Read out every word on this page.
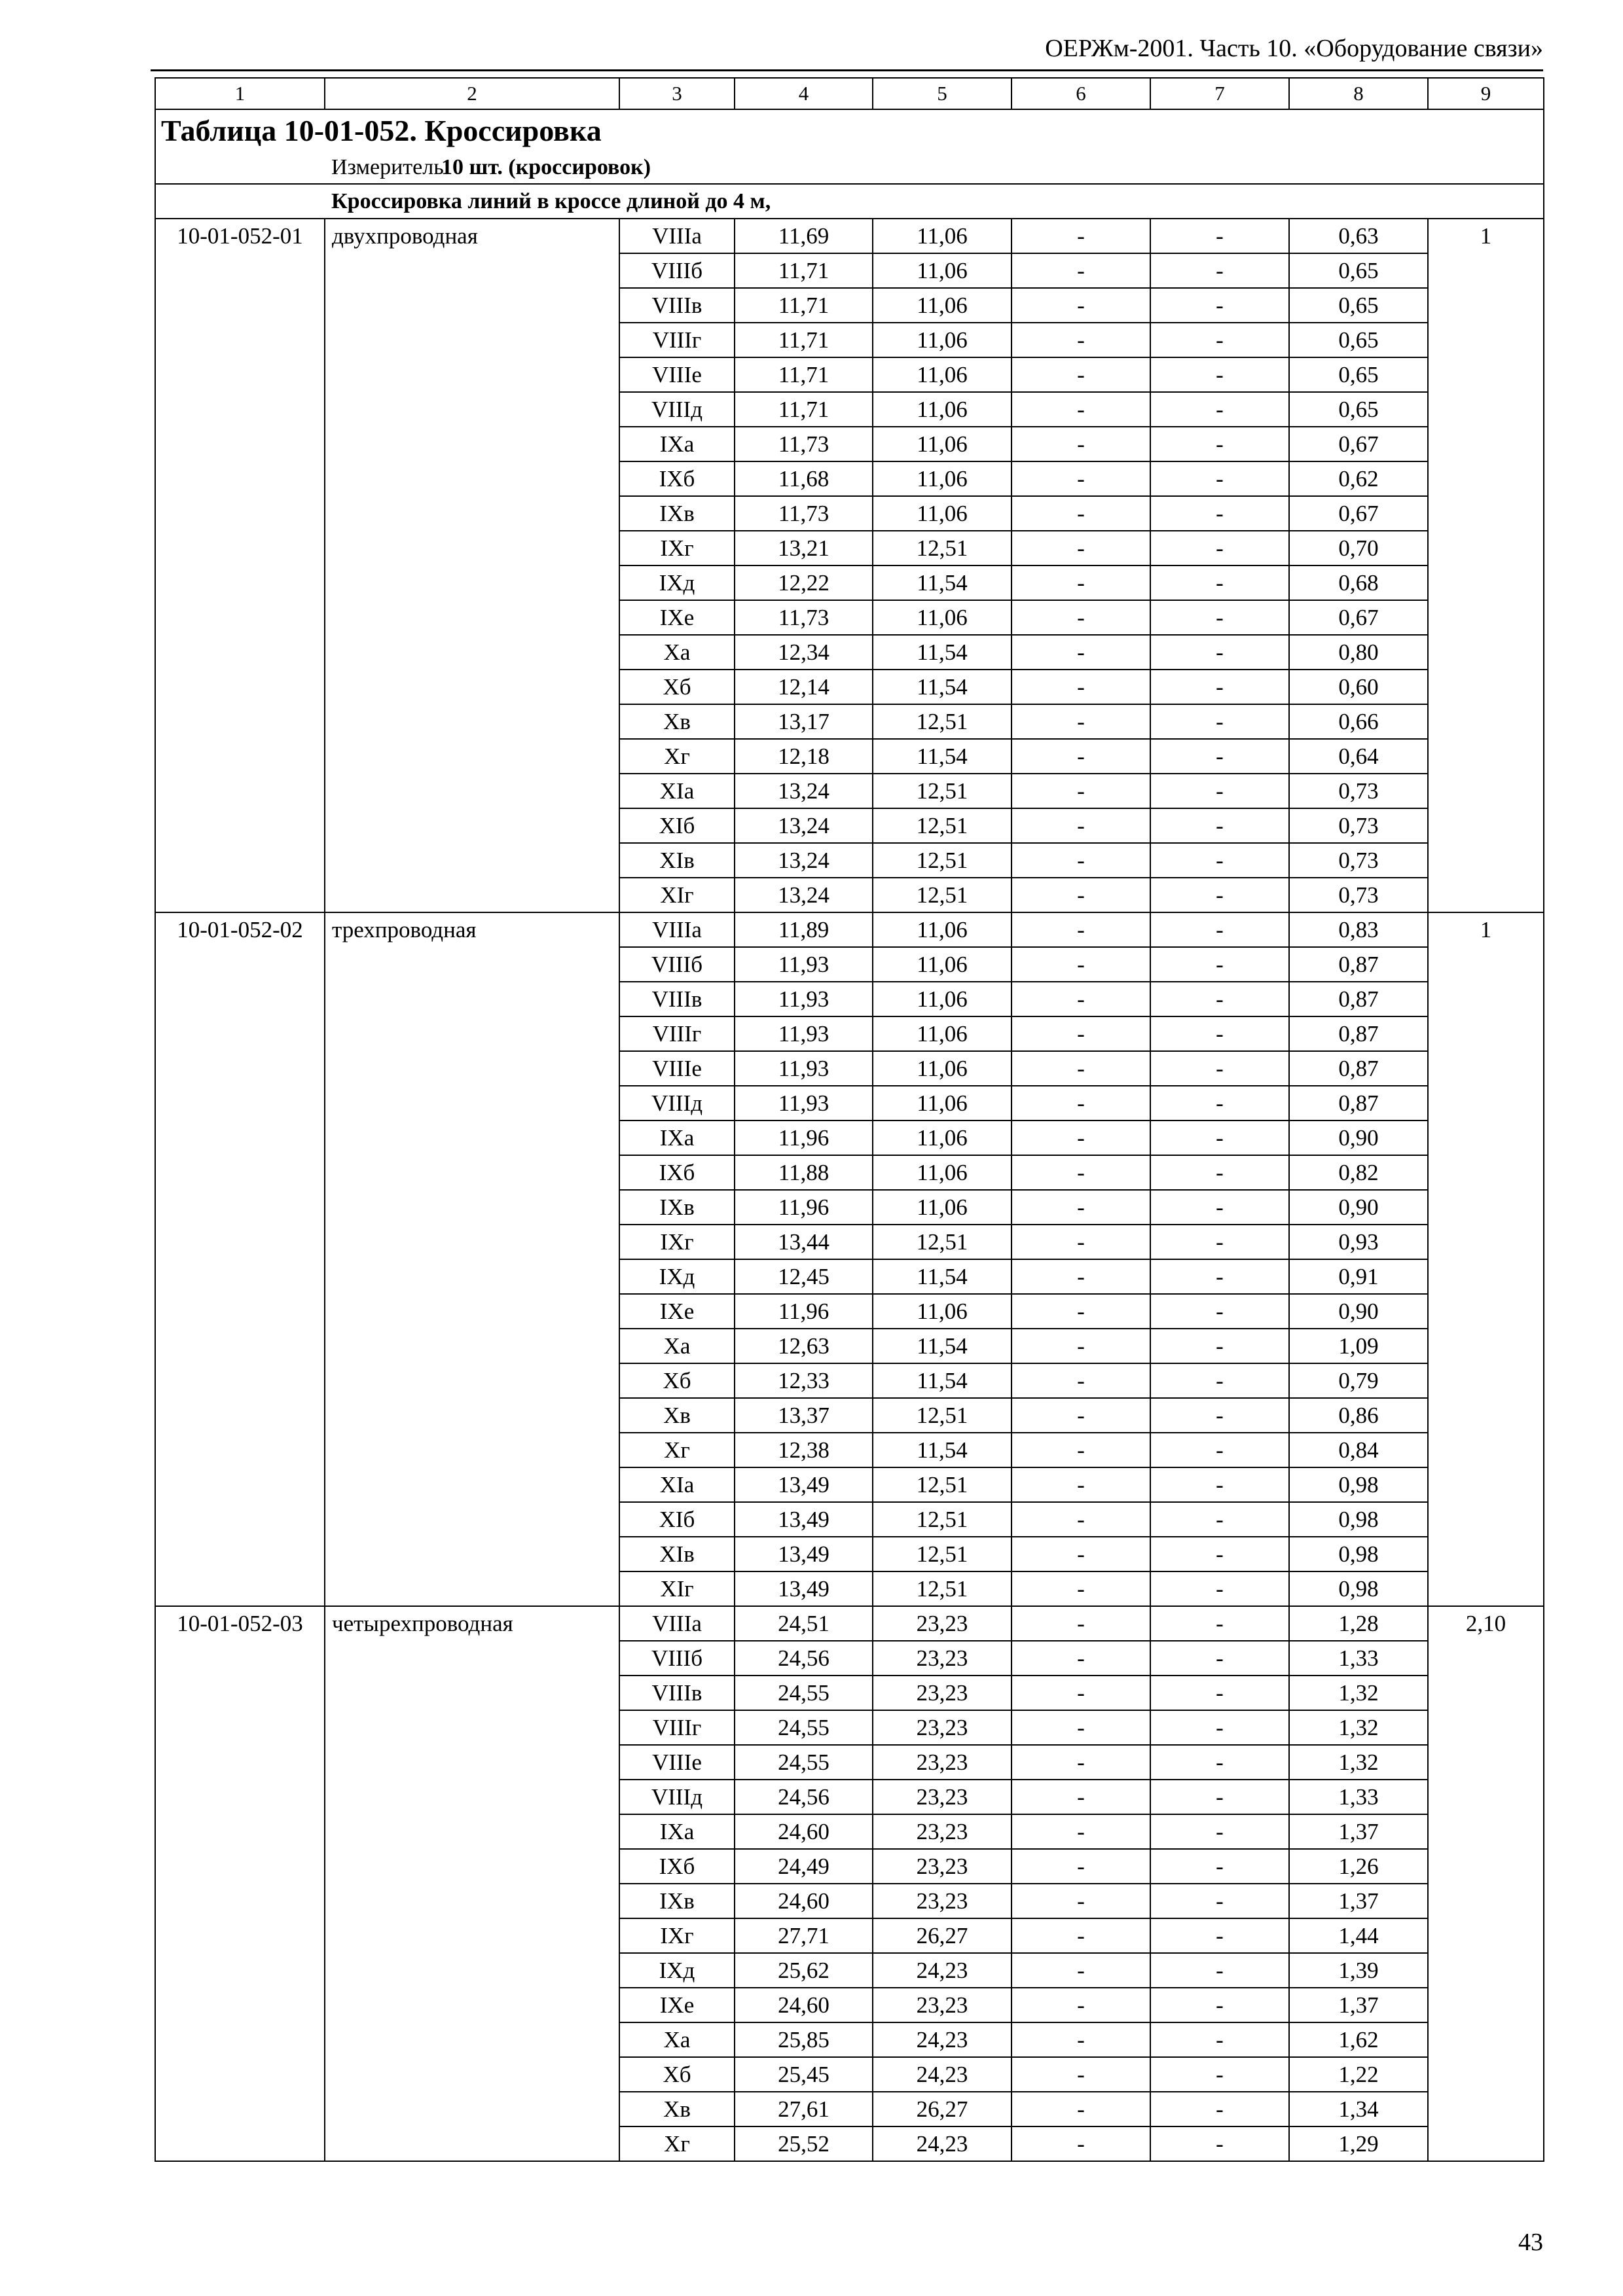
ОЕРЖм-2001. Часть 10. «Оборудование связи»
1	2	3	4	5	6	7	8	9
Таблица 10-01-052. Кроссировка								
Измеритель:10 шт. (кроссировок)								
Кроссировка линий в кроссе длиной до 4 м,								
10-01-052-01	двухпроводная	VIIIа	11,69	11,06	-	-	0,63	1
		VIIIб	11,71	11,06	-	-	0,65	
		VIIIв	11,71	11,06	-	-	0,65	
		VIIIг	11,71	11,06	-	-	0,65	
		VIIIе	11,71	11,06	-	-	0,65	
		VIIIд	11,71	11,06	-	-	0,65	
		IXа	11,73	11,06	-	-	0,67	
		IXб	11,68	11,06	-	-	0,62	
		IXв	11,73	11,06	-	-	0,67	
		IXг	13,21	12,51	-	-	0,70	
		IXд	12,22	11,54	-	-	0,68	
		IXе	11,73	11,06	-	-	0,67	
		Xа	12,34	11,54	-	-	0,80	
		Xб	12,14	11,54	-	-	0,60	
		Xв	13,17	12,51	-	-	0,66	
		Xг	12,18	11,54	-	-	0,64	
		XIа	13,24	12,51	-	-	0,73	
		XIб	13,24	12,51	-	-	0,73	
		XIв	13,24	12,51	-	-	0,73	
		XIг	13,24	12,51	-	-	0,73	
10-01-052-02	трехпроводная	VIIIа	11,89	11,06	-	-	0,83	1
		VIIIб	11,93	11,06	-	-	0,87	
		VIIIв	11,93	11,06	-	-	0,87	
		VIIIг	11,93	11,06	-	-	0,87	
		VIIIе	11,93	11,06	-	-	0,87	
		VIIIд	11,93	11,06	-	-	0,87	
		IXа	11,96	11,06	-	-	0,90	
		IXб	11,88	11,06	-	-	0,82	
		IXв	11,96	11,06	-	-	0,90	
		IXг	13,44	12,51	-	-	0,93	
		IXд	12,45	11,54	-	-	0,91	
		IXе	11,96	11,06	-	-	0,90	
		Xа	12,63	11,54	-	-	1,09	
		Xб	12,33	11,54	-	-	0,79	
		Xв	13,37	12,51	-	-	0,86	
		Xг	12,38	11,54	-	-	0,84	
		XIа	13,49	12,51	-	-	0,98	
		XIб	13,49	12,51	-	-	0,98	
		XIв	13,49	12,51	-	-	0,98	
		XIг	13,49	12,51	-	-	0,98	
10-01-052-03	четырехпроводная	VIIIа	24,51	23,23	-	-	1,28	2,10
		VIIIб	24,56	23,23	-	-	1,33	
		VIIIв	24,55	23,23	-	-	1,32	
		VIIIг	24,55	23,23	-	-	1,32	
		VIIIе	24,55	23,23	-	-	1,32	
		VIIIд	24,56	23,23	-	-	1,33	
		IXа	24,60	23,23	-	-	1,37	
		IXб	24,49	23,23	-	-	1,26	
		IXв	24,60	23,23	-	-	1,37	
		IXг	27,71	26,27	-	-	1,44	
		IXд	25,62	24,23	-	-	1,39	
		IXе	24,60	23,23	-	-	1,37	
		Xа	25,85	24,23	-	-	1,62	
		Xб	25,45	24,23	-	-	1,22	
		Xв	27,61	26,27	-	-	1,34	
		Xг	25,52	24,23	-	-	1,29	
43
